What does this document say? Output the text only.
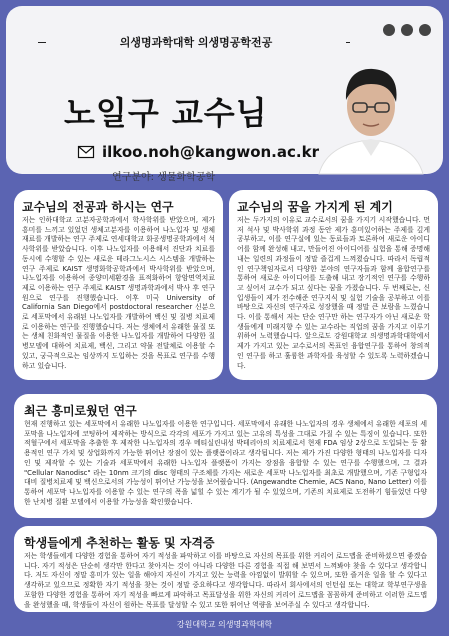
의생명과학대학 의생명공학전공
노일구 교수님
ilkoo.noh@kangwon.ac.kr
연구분야: 생물화학공학
교수님의 전공과 하시는 연구

저는 인하대학교 고분자공학과에서 학사학위를 받았으며, 제가 흥미를 느끼고 있었던 생체고분자를 이용하여 나노입자 및 생체재료를 개발하는 연구 주제로 연세대학교 화공생명공학과에서 석사학위를 받았습니다. 이후 나노입자를 이용해서 진단과 치료를 동시에 수행할 수 있는 새로운 테라그노시스 시스템을 개발하는 연구 주제로 KAIST 생명화학공학과에서 박사학위를 받았으며, 나노입자를 이용하여 종양미세환경을 표적화하여 항암면역치료제로 이용하는 연구 주제로 KAIST 생명과학과에서 박사 후 연구원으로 연구를 진행했습니다. 이후 미국 University of California San Diego에서 postdoctoral researcher 신분으로 세포막에서 유래된 나노입자를 개발하여 백신 및 질병 치료제로 이용하는 연구를 진행했습니다. 저는 생체에서 유래한 물질 또는 생체 친화적인 물질을 이용한 나노입자를 개발하여 다양한 질병모델에 대하여 치료제, 백신, 그리고 약물 전달체로 이용할 수 있고, 궁극적으로는 임상까지 도입하는 것을 목표로 연구를 수행하고 있습니다.

교수님의 꿈을 가지게 된 계기

저는 두가지의 이유로 교수로서의 꿈을 가지기 시작했습니다. 먼저 석사 및 박사학위 과정 동안 제가 흥미있어하는 주제를 깊게 공부하고, 이를 연구실에 있는 동료들과 토론하여 새로운 아이디어를 함께 완성해 내고, 만들어진 아이디어를 실험을 통해 증명해 내는 일련의 과정들이 정말 즐겁게 느껴졌습니다. 따라서 독립적인 연구책임자로서 다양한 분야의 연구자들과 함께 융합연구를 통하여 새로운 아이디어를 도출해 내고 장기적인 연구를 수행하고 싶어서 교수가 되고 싶다는 꿈을 가졌습니다. 두 번째로는, 신입생들이 제가 전수해준 연구지식 및 실험 기술을 공부하고 이를 바탕으로 자신의 연구자로 성장했을 때 정말 큰 보람을 느꼈습니다. 이를 통해서 저는 단순 연구만 하는 연구자가 아닌 새로운 학생들에게 미래지향 수 있는 교수라는 직업의 꿈을 가지고 이루기 위하여 노력했습니다. 앞으로도 강원대학교 의생명과학대학에서 제가 가지고 있는 교수로서의 목표인 융합연구를 통하여 창의적인 연구를 하고 훌륭한 과학자를 육성할 수 있도록 노력하겠습니다.

최근 흥미로웠던 연구

현재 진행하고 있는 세포막에서 유래한 나노입자를 이용한 연구입니다. 세포막에서 유래한 나노입자의 경우 생체에서 유래한 세포의 세포막을 나노입자에 코팅하여 제작하는 방식으로 각각의 세포가 가지고 있는 고유의 특성을 그대로 가질 수 있는 특징이 있습니다. 또한 적혈구에서 세포막을 추출한 후 제작한 나노입자의 경우 메티실린내성 박테리아의 치료제로서 현재 FDA 임상 2상으로 도입되는 등 활용적인 연구 가치 및 상업화까지 가능한 뛰어난 장점이 있는 플랫폼이라고 생각됩니다. 저는 제가 가진 다양한 형태의 나노입자를 디자인 및 제작할 수 있는 기술과 세포막에서 유래한 나노입자 플랫폼이 가지는 장점을 융합할 수 있는 연구를 수행했으며, 그 결과 "Cellular Nanodisc" 라는 10nm 크기의 disc 형태의 구조체를 가지는 새로운 세포막 나노입자를 최초로 개발했으며, 기존 구형입자 대비 질병치료제 및 백신으로서의 가능성이 뛰어난 가능성을 보여줬습니다. (Angewandte Chemie, ACS Nano, Nano Letter) 이를 통하여 세포막 나노입자를 이용할 수 있는 연구의 폭을 넓힐 수 있는 계기가 될 수 있었으며, 기존의 치료제로 도전하기 힘들었던 다양한 난치병 질환 모델에서 이용할 가능성을 확인했습니다.

학생들에게 추천하는 활동 및 자격증

저는 학생들에게 다양한 경험을 통하여 자기 적성을 파악하고 이를 바탕으로 자신의 목표를 위한 커리어 로드맵을 준비하셨으면 좋겠습니다. 자기 적성은 단순히 생각만 한다고 찾아지는 것이 아니라 다양한 다른 경험을 직접 해 보면서 느껴봐야 찾을 수 있다고 생각합니다. 저도 자신이 정말 흥미가 있는 일을 해야지 자신이 가지고 있는 능력을 아낌없이 발휘할 수 있으며, 또한 즐거운 일을 할 수 있다고 생각하고 있으므로 정확한 자기 적성을 찾는 것이 정말 중요하다고 생각합니다. 따라서 회사에서의 인턴쉽 또는 대학교 학부연구생을 포함한 다양한 경험을 통하여 자기 적성을 빠르게 파악하고 목표달성을 위한 자신의 커리어 로드맵을 꼼꼼하게 준비하고 이러한 로드맵을 완성했을 때, 학생들이 자신이 원하는 목표를 달성할 수 있고 또한 뛰어난 역량을 보여주실 수 있다고 생각합니다.

강원대학교 의생명과학대학
